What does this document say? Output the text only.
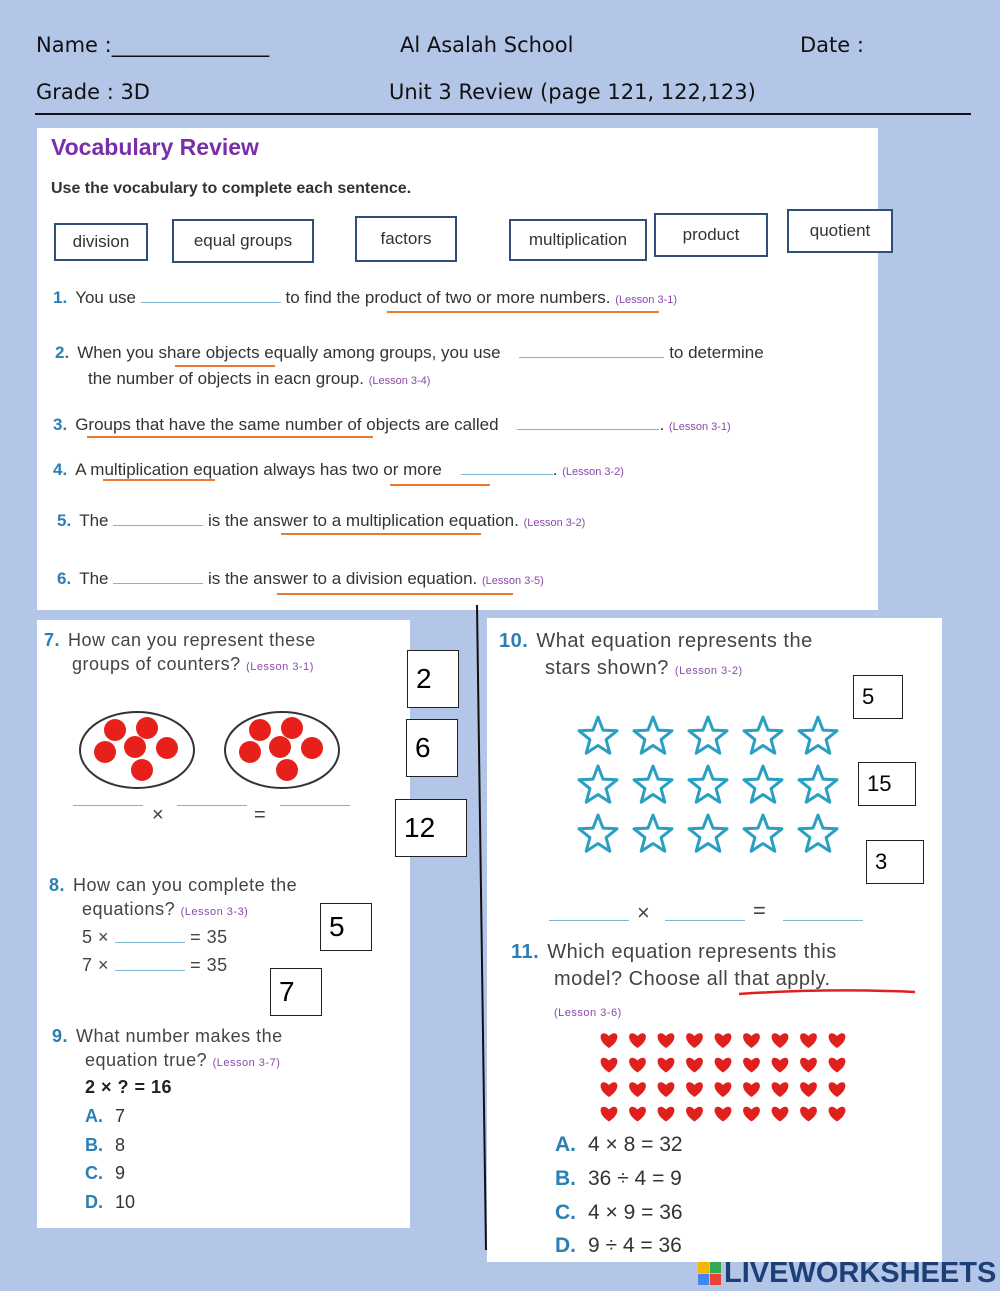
Name :_______________	Al Asalah School	Date :
Grade : 3D	Unit 3 Review (page 121, 122,123)
Vocabulary Review
Use the vocabulary to complete each sentence.
division	equal groups	factors	multiplication	product	quotient
1. You use	to find the product of two or more numbers. (Lesson 3-1)
2. When you share objects equally among groups, you use	to determine
the number of objects in eacn group. (Lesson 3-4)
3. Groups that have the same number of objects are called	. (Lesson 3-1)
4. A multiplication equation always has two or more	. (Lesson 3-2)
5. The	is the answer to a multiplication equation. (Lesson 3-2)
6. The	is the answer to a division equation. (Lesson 3-5)
7. How can you represent these
groups of counters? (Lesson 3-1)
×	=
8. How can you complete the
equations? (Lesson 3-3)
5 ×	= 35
7 ×	= 35
9. What number makes the
equation true? (Lesson 3-7)
2 × ? = 16
A. 7
B. 8
C. 9
D. 10
10. What equation represents the
stars shown? (Lesson 3-2)
×	=
11. Which equation represents this
model? Choose all that apply.
(Lesson 3-6)
A. 4 × 8 = 32
B. 36 ÷ 4 = 9
C. 4 × 9 = 36
D. 9 ÷ 4 = 36
2
6
12
5
7
5
15
3
LIVEWORKSHEETS
